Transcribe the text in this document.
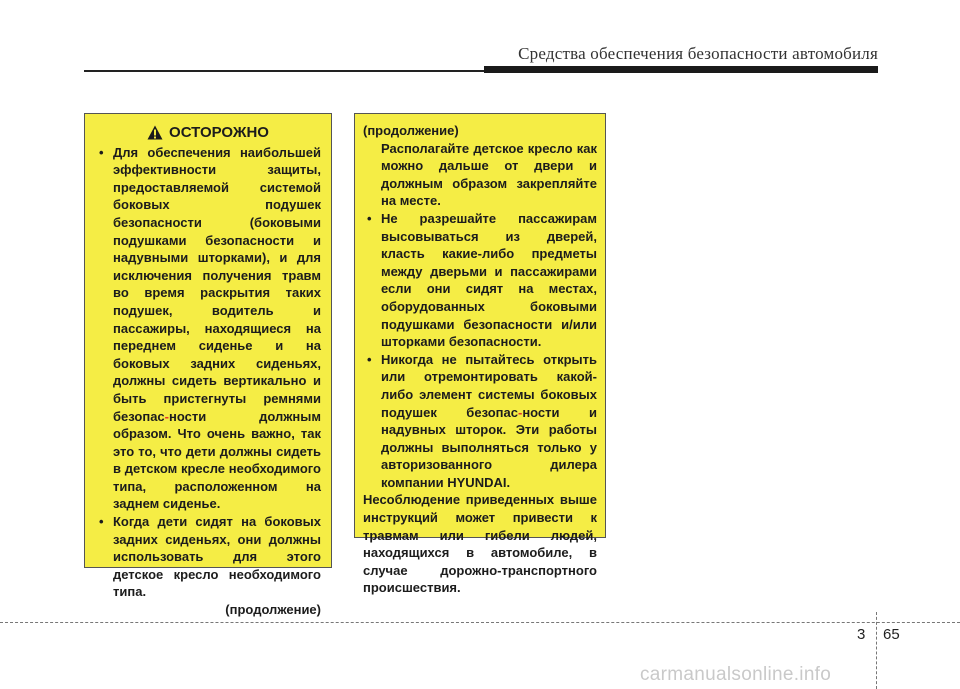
Средства обеспечения безопасности автомобиля
ОСТОРОЖНО
• Для обеспечения наибольшей эффективности защиты, предоставляемой системой боковых подушек безопасности (боковыми подушками безопасности и надувными шторками), и для исключения получения травм во время раскрытия таких подушек, водитель и пассажиры, находящиеся на переднем сиденье и на боковых задних сиденьях, должны сидеть вертикально и быть пристегнуты ремнями безопас-ности должным образом. Что очень важно, так это то, что дети должны сидеть в детском кресле необходимого типа, расположенном на заднем сиденье.
• Когда дети сидят на боковых задних сиденьях, они должны использовать для этого детское кресло необходимого типа.
(продолжение)
(продолжение)
Располагайте детское кресло как можно дальше от двери и должным образом закрепляйте на месте.
• Не разрешайте пассажирам высовываться из дверей, класть какие-либо предметы между дверьми и пассажирами если они сидят на местах, оборудованных боковыми подушками безопасности и/или шторками безопасности.
• Никогда не пытайтесь открыть или отремонтировать какой-либо элемент системы боковых подушек безопас-ности и надувных шторок. Эти работы должны выполняться только у авторизованного дилера компании HYUNDAI.
Несоблюдение приведенных выше инструкций может привести к травмам или гибели людей, находящихся в автомобиле, в случае дорожно-транспортного происшествия.
3 65
carmanualsonline.info
